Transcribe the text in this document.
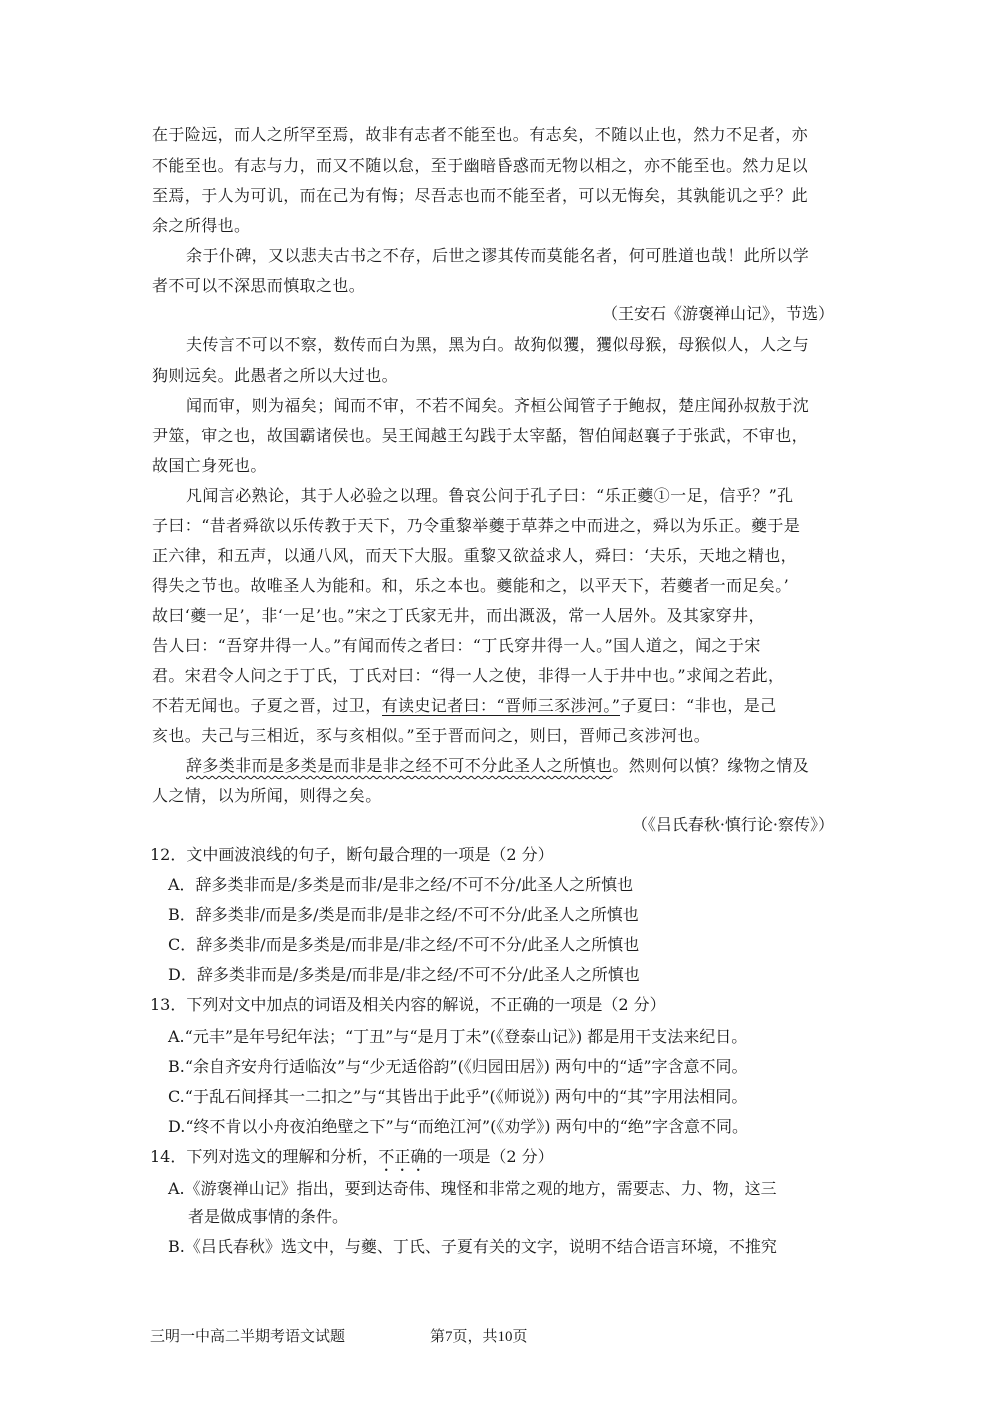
在于险远，而人之所罕至焉，故非有志者不能至也。有志矣，不随以止也，然力不足者，亦
不能至也。有志与力，而又不随以怠，至于幽暗昏惑而无物以相之，亦不能至也。然力足以
至焉，于人为可讥，而在己为有悔；尽吾志也而不能至者，可以无悔矣，其孰能讥之乎？此
余之所得也。
余于仆碑，又以悲夫古书之不存，后世之谬其传而莫能名者，何可胜道也哉！此所以学
者不可以不深思而慎取之也。
（王安石《游褒禅山记》，节选）
夫传言不可以不察，数传而白为黑，黑为白。故狗似玃，玃似母猴，母猴似人，人之与
狗则远矣。此愚者之所以大过也。
闻而审，则为福矣；闻而不审，不若不闻矣。齐桓公闻管子于鲍叔，楚庄闻孙叔敖于沈
尹筮，审之也，故国霸诸侯也。吴王闻越王勾践于太宰嚭，智伯闻赵襄子于张武，不审也，
故国亡身死也。
凡闻言必熟论，其于人必验之以理。鲁哀公问于孔子曰：“乐正夔①一足，信乎？”孔
子曰：“昔者舜欲以乐传教于天下，乃令重黎举夔于草莽之中而进之，舜以为乐正。夔于是
正六律，和五声，以通八风，而天下大服。重黎又欲益求人，舜曰：‘夫乐，天地之精也，
得失之节也。故唯圣人为能和。和，乐之本也。夔能和之，以平天下，若夔者一而足矣。’
故曰‘夔一足’，非‘一足’也。”宋之丁氏家无井，而出溉汲，常一人居外。及其家穿井，
告人曰：“吾穿井得一人。”有闻而传之者曰：“丁氏穿井得一人。”国人道之，闻之于宋
君。宋君令人问之于丁氏，丁氏对曰：“得一人之使，非得一人于井中也。”求闻之若此，
不若无闻也。子夏之晋，过卫，有读史记者曰：“晋师三豕涉河。”子夏曰：“非也，是己
亥也。夫己与三相近，豕与亥相似。”至于晋而问之，则曰，晋师己亥涉河也。
辞多类非而是多类是而非是非之经不可不分此圣人之所慎也。然则何以慎？缘物之情及
人之情，以为所闻，则得之矣。
（《吕氏春秋·慎行论·察传》）
12．文中画波浪线的句子，断句最合理的一项是（2 分）
A．辞多类非而是/多类是而非/是非之经/不可不分/此圣人之所慎也
B．辞多类非/而是多/类是而非/是非之经/不可不分/此圣人之所慎也
C．辞多类非/而是多类是/而非是/非之经/不可不分/此圣人之所慎也
D．辞多类非而是/多类是/而非是/非之经/不可不分/此圣人之所慎也
13．下列对文中加点的词语及相关内容的解说，不正确的一项是（2 分）
A.“元丰”是年号纪年法；“丁丑”与“是月丁未”(《登泰山记》) 都是用干支法来纪日。
B.“余自齐安舟行适临汝”与“少无适俗韵”(《归园田居》) 两句中的“适”字含意不同。
C.“于乱石间择其一二扣之”与“其皆出于此乎”(《师说》) 两句中的“其”字用法相同。
D.“终不肯以小舟夜泊绝壁之下”与“而绝江河”(《劝学》) 两句中的“绝”字含意不同。
14．下列对选文的理解和分析，不正确的一项是（2 分）
A.《游褒禅山记》指出，要到达奇伟、瑰怪和非常之观的地方，需要志、力、物，这三
者是做成事情的条件。
B.《吕氏春秋》选文中，与夔、丁氏、子夏有关的文字，说明不结合语言环境，不推究
三明一中高二半期考语文试题	第7页，共10页
